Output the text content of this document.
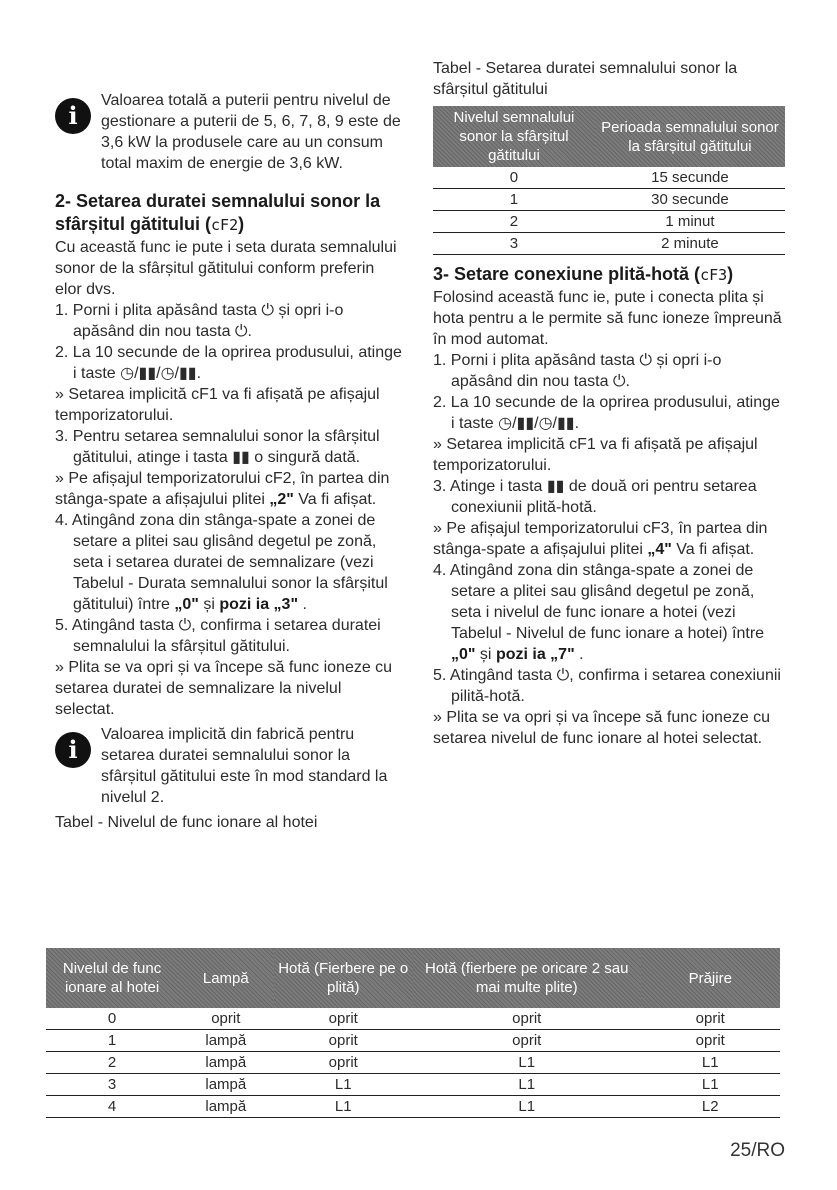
i

Valoarea totală a puterii pentru nivelul de gestionare a puterii de 5, 6, 7, 8, 9 este de 3,6 kW la produsele care au un consum total maxim de energie de 3,6 kW.

2- Setarea duratei semnalului sonor la sfârșitul gătitului (cF2)

Cu această func ie pute i seta durata semnalului sonor de la sfârșitul gătitului conform preferin elor dvs.

1. Porni i plita apăsând tasta ⏻ și opri i-o apăsând din nou tasta ⏻.

2. La 10 secunde de la oprirea produsului, atinge i taste ◷/▮▮/◷/▮▮.

» Setarea implicită cF1 va fi afișată pe afișajul temporizatorului.

3. Pentru setarea semnalului sonor la sfârșitul gătitului, atinge i tasta ▮▮ o singură dată.

» Pe afișajul temporizatorului cF2, în partea din stânga-spate a afișajului plitei „2" Va fi afișat.

4. Atingând zona din stânga-spate a zonei de setare a plitei sau glisând degetul pe zonă, seta i setarea duratei de semnalizare (vezi Tabelul - Durata semnalului sonor la sfârșitul gătitului) între „0" și pozi ia „3" .

5. Atingând tasta ⏻, confirma i setarea duratei semnalului la sfârșitul gătitului.

» Plita se va opri și va începe să func ioneze cu setarea duratei de semnalizare la nivelul selectat.

i

Valoarea implicită din fabrică pentru setarea duratei semnalului sonor la sfârșitul gătitului este în mod standard la nivelul 2.

Tabel - Nivelul de func ionare al hotei

Tabel - Setarea duratei semnalului sonor la sfârșitul gătitului

Nivelul semnalului sonor la sfârșitul gătitului	Perioada semnalului sonor la sfârșitul gătitului
0	15 secunde
1	30 secunde
2	1 minut
3	2 minute
3- Setare conexiune plită-hotă (cF3)

Folosind această func ie, pute i conecta plita și hota pentru a le permite să func ioneze împreună în mod automat.

1. Porni i plita apăsând tasta ⏻ și opri i-o apăsând din nou tasta ⏻.

2. La 10 secunde de la oprirea produsului, atinge i taste ◷/▮▮/◷/▮▮.

» Setarea implicită cF1 va fi afișată pe afișajul temporizatorului.

3. Atinge i tasta ▮▮ de două ori pentru setarea conexiunii plită-hotă.

» Pe afișajul temporizatorului cF3, în partea din stânga-spate a afișajului plitei „4" Va fi afișat.

4. Atingând zona din stânga-spate a zonei de setare a plitei sau glisând degetul pe zonă, seta i nivelul de func ionare a hotei (vezi Tabelul - Nivelul de func ionare a hotei) între „0" și pozi ia „7" .

5. Atingând tasta ⏻, confirma i setarea conexiunii pilită-hotă.

» Plita se va opri și va începe să func ioneze cu setarea nivelul de func ionare al hotei selectat.

Nivelul de func ionare al hotei	Lampă	Hotă (Fierbere pe o plită)	Hotă (fierbere pe oricare 2 sau mai multe plite)	Prăjire
0	oprit	oprit	oprit	oprit
1	lampă	oprit	oprit	oprit
2	lampă	oprit	L1	L1
3	lampă	L1	L1	L1
4	lampă	L1	L1	L2
25/RO
